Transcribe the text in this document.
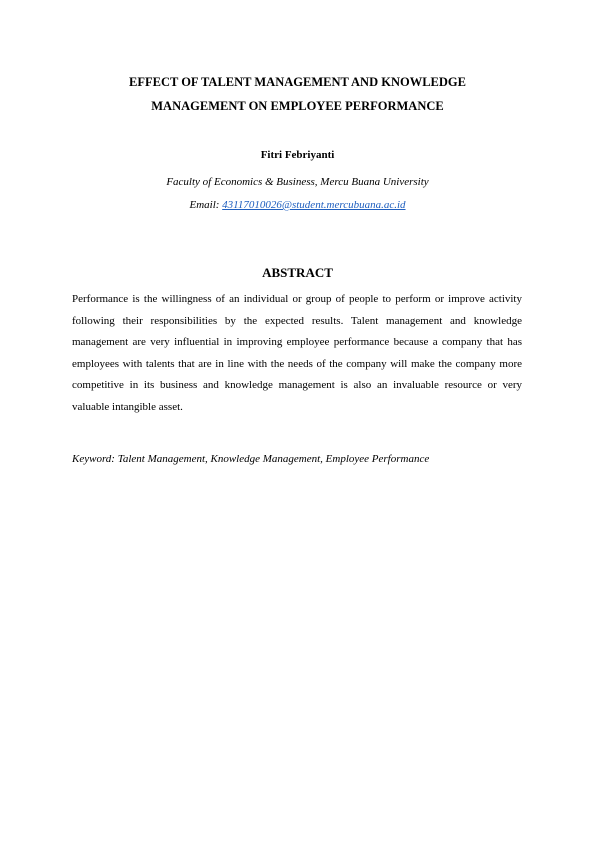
EFFECT OF TALENT MANAGEMENT AND KNOWLEDGE
MANAGEMENT ON EMPLOYEE PERFORMANCE
Fitri Febriyanti
Faculty of Economics & Business, Mercu Buana University
Email: 43117010026@student.mercubuana.ac.id
ABSTRACT

Performance is the willingness of an individual or group of people to perform or improve activity following their responsibilities by the expected results. Talent management and knowledge management are very influential in improving employee performance because a company that has employees with talents that are in line with the needs of the company will make the company more competitive in its business and knowledge management is also an invaluable resource or very valuable intangible asset.

Keyword: Talent Management, Knowledge Management, Employee Performance
